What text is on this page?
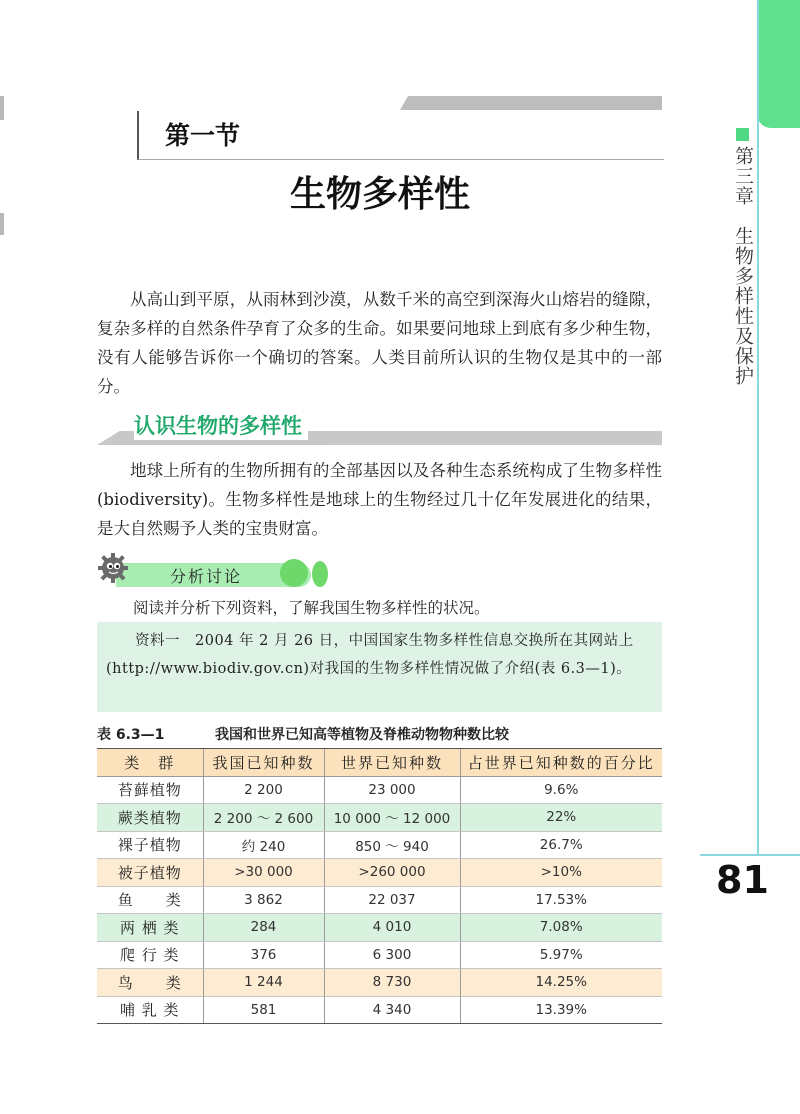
第三章　生物多样性及保护
81
第一节
生物多样性
从高山到平原，从雨林到沙漠，从数千米的高空到深海火山熔岩的缝隙，复杂多样的自然条件孕育了众多的生命。如果要问地球上到底有多少种生物，没有人能够告诉你一个确切的答案。人类目前所认识的生物仅是其中的一部分。
认识生物的多样性
地球上所有的生物所拥有的全部基因以及各种生态系统构成了生物多样性(biodiversity)。生物多样性是地球上的生物经过几十亿年发展进化的结果，是大自然赐予人类的宝贵财富。
分析讨论
阅读并分析下列资料，了解我国生物多样性的状况。
资料一　2004 年 2 月 26 日，中国国家生物多样性信息交换所在其网站上(http://www.biodiv.gov.cn)对我国的生物多样性情况做了介绍(表 6.3—1)。
表 6.3—1	我国和世界已知高等植物及脊椎动物物种数比较
类　群	我国已知种数	世界已知种数	占世界已知种数的百分比
苔藓植物	2 200	23 000	9.6%
蕨类植物	2 200 ～ 2 600	10 000 ～ 12 000	22%
裸子植物	约 240	850 ～ 940	26.7%
被子植物	>30 000	>260 000	>10%
鱼　　类	3 862	22 037	17.53%
两 栖 类	284	4 010	7.08%
爬 行 类	376	6 300	5.97%
鸟　　类	1 244	8 730	14.25%
哺 乳 类	581	4 340	13.39%
